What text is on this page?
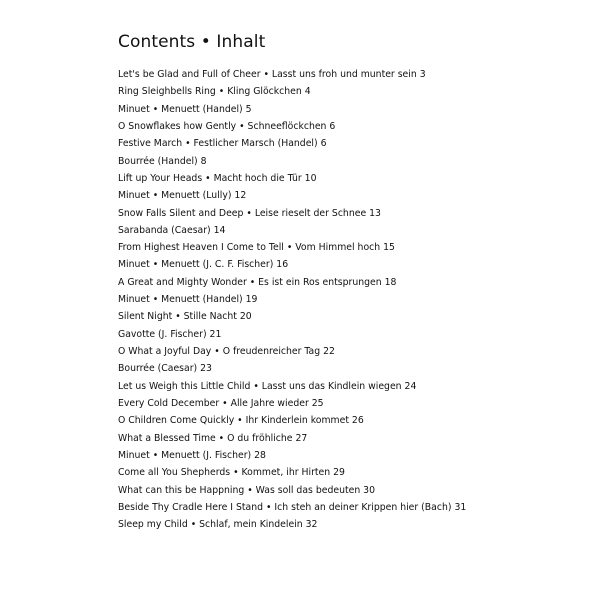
Contents • Inhalt
Let's be Glad and Full of Cheer • Lasst uns froh und munter sein 3
Ring Sleighbells Ring • Kling Glöckchen 4
Minuet • Menuett (Handel) 5
O Snowflakes how Gently • Schneeflöckchen 6
Festive March • Festlicher Marsch (Handel) 6
Bourrée (Handel) 8
Lift up Your Heads • Macht hoch die Tür 10
Minuet • Menuett (Lully) 12
Snow Falls Silent and Deep • Leise rieselt der Schnee 13
Sarabanda (Caesar) 14
From Highest Heaven I Come to Tell • Vom Himmel hoch 15
Minuet • Menuett (J. C. F. Fischer) 16
A Great and Mighty Wonder • Es ist ein Ros entsprungen 18
Minuet • Menuett (Handel) 19
Silent Night • Stille Nacht 20
Gavotte (J. Fischer) 21
O What a Joyful Day • O freudenreicher Tag 22
Bourrée (Caesar) 23
Let us Weigh this Little Child • Lasst uns das Kindlein wiegen 24
Every Cold December • Alle Jahre wieder 25
O Children Come Quickly • Ihr Kinderlein kommet 26
What a Blessed Time • O du fröhliche 27
Minuet • Menuett (J. Fischer) 28
Come all You Shepherds • Kommet, ihr Hirten 29
What can this be Happning • Was soll das bedeuten 30
Beside Thy Cradle Here I Stand • Ich steh an deiner Krippen hier (Bach) 31
Sleep my Child • Schlaf, mein Kindelein 32
